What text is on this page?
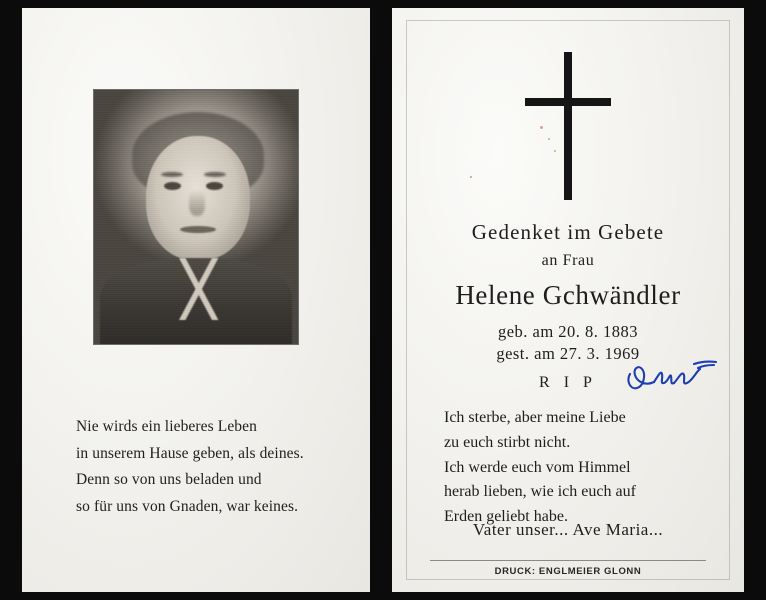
Nie wirds ein lieberes Leben
in unserem Hause geben, als deines.
Denn so von uns beladen und
so für uns von Gnaden, war keines.
Gedenket im Gebete
an Frau
Helene Gchwändler
geb. am 20. 8. 1883
gest. am 27. 3. 1969
R I P
Ich sterbe, aber meine Liebe
zu euch stirbt nicht.
Ich werde euch vom Himmel
herab lieben, wie ich euch auf
Erden geliebt habe.
Vater unser... Ave Maria...
DRUCK: ENGLMEIER GLONN
